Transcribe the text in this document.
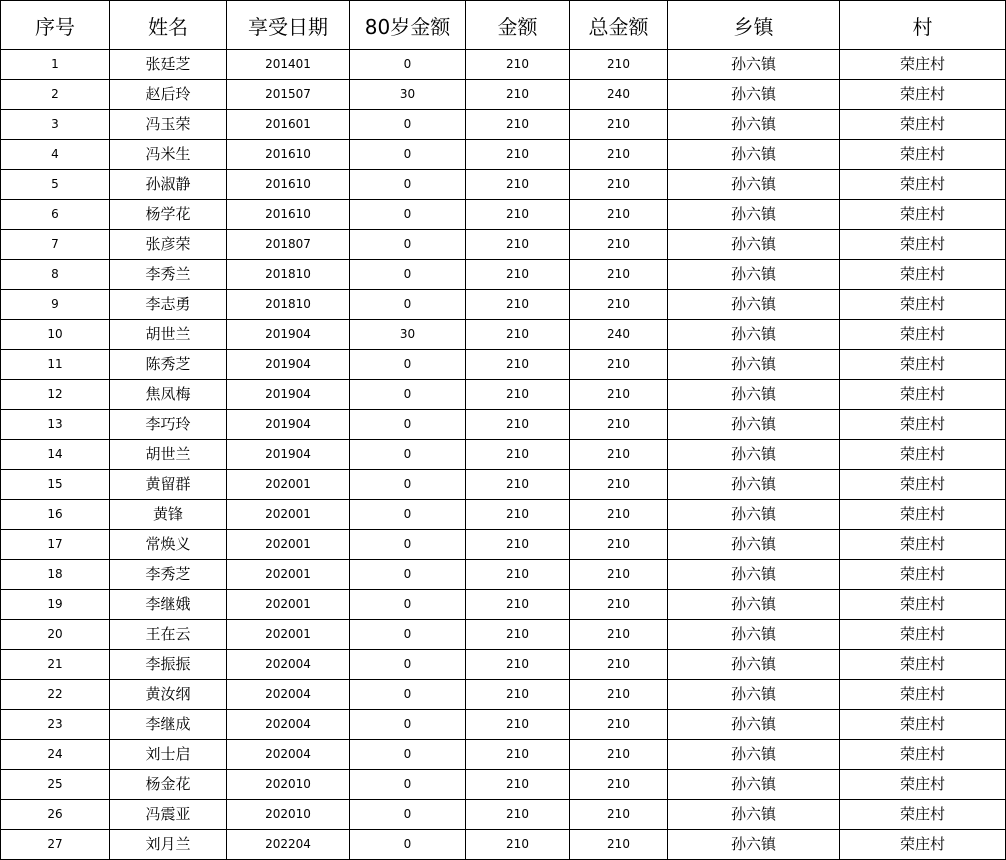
序号	姓名	享受日期	80岁金额	金额	总金额	乡镇	村
1	张廷芝	201401	0	210	210	孙六镇	荣庄村
2	赵后玲	201507	30	210	240	孙六镇	荣庄村
3	冯玉荣	201601	0	210	210	孙六镇	荣庄村
4	冯米生	201610	0	210	210	孙六镇	荣庄村
5	孙淑静	201610	0	210	210	孙六镇	荣庄村
6	杨学花	201610	0	210	210	孙六镇	荣庄村
7	张彦荣	201807	0	210	210	孙六镇	荣庄村
8	李秀兰	201810	0	210	210	孙六镇	荣庄村
9	李志勇	201810	0	210	210	孙六镇	荣庄村
10	胡世兰	201904	30	210	240	孙六镇	荣庄村
11	陈秀芝	201904	0	210	210	孙六镇	荣庄村
12	焦凤梅	201904	0	210	210	孙六镇	荣庄村
13	李巧玲	201904	0	210	210	孙六镇	荣庄村
14	胡世兰	201904	0	210	210	孙六镇	荣庄村
15	黄留群	202001	0	210	210	孙六镇	荣庄村
16	黄锋	202001	0	210	210	孙六镇	荣庄村
17	常焕义	202001	0	210	210	孙六镇	荣庄村
18	李秀芝	202001	0	210	210	孙六镇	荣庄村
19	李继娥	202001	0	210	210	孙六镇	荣庄村
20	王在云	202001	0	210	210	孙六镇	荣庄村
21	李振振	202004	0	210	210	孙六镇	荣庄村
22	黄汝纲	202004	0	210	210	孙六镇	荣庄村
23	李继成	202004	0	210	210	孙六镇	荣庄村
24	刘士启	202004	0	210	210	孙六镇	荣庄村
25	杨金花	202010	0	210	210	孙六镇	荣庄村
26	冯震亚	202010	0	210	210	孙六镇	荣庄村
27	刘月兰	202204	0	210	210	孙六镇	荣庄村
